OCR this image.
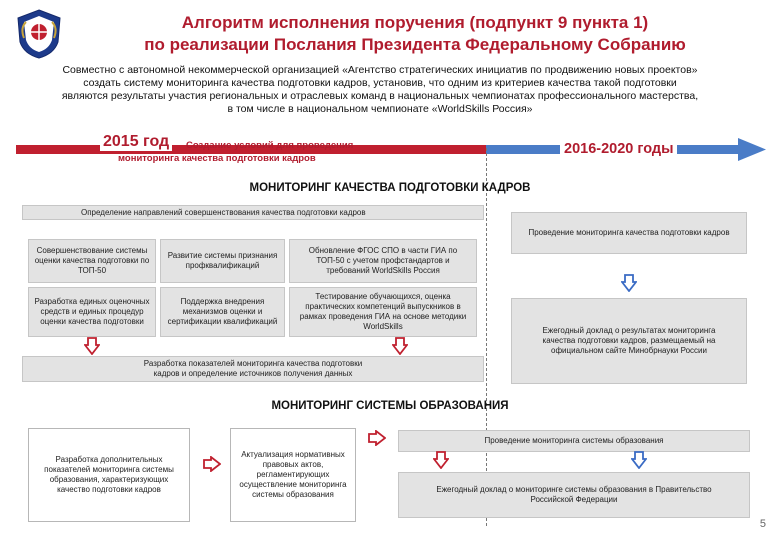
Алгоритм исполнения поручения (подпункт 9 пункта 1)
по реализации Послания Президента Федеральному Собранию
Совместно с автономной некоммерческой организацией «Агентство стратегических инициатив по продвижению новых проектов» создать систему мониторинга качества подготовки кадров, установив, что одним из критериев качества такой подготовки являются результаты участия региональных и отраслевых команд в национальных чемпионатах профессионального мастерства, в том числе в национальном чемпионате «WorldSkills Россия»
2015 год	Создание условий для проведения мониторинга качества подготовки кадров
2016-2020 годы
МОНИТОРИНГ КАЧЕСТВА ПОДГОТОВКИ КАДРОВ
Определение направлений совершенствования качества подготовки кадров
Совершенствование системы оценки качества подготовки по ТОП-50
Развитие системы признания профквалификаций
Обновление ФГОС СПО в части ГИА по ТОП-50 с учетом профстандартов и требований WorldSkills Россия
Разработка единых оценочных средств и единых процедур оценки качества подготовки
Поддержка внедрения механизмов оценки и сертификации квалификаций
Тестирование обучающихся, оценка практических компетенций выпускников в рамках проведения ГИА на основе методики WorldSkills
Разработка показателей мониторинга качества подготовки кадров и определение источников получения данных
Проведение мониторинга качества подготовки кадров
Ежегодный доклад о результатах мониторинга качества подготовки кадров, размещаемый на официальном сайте Минобрнауки России
МОНИТОРИНГ СИСТЕМЫ ОБРАЗОВАНИЯ
Разработка дополнительных показателей мониторинга системы образования, характеризующих качество подготовки кадров
Актуализация нормативных правовых актов, регламентирующих осуществление мониторинга системы образования
Проведение мониторинга системы образования
Ежегодный доклад о мониторинге системы образования в Правительство Российской Федерации
5
